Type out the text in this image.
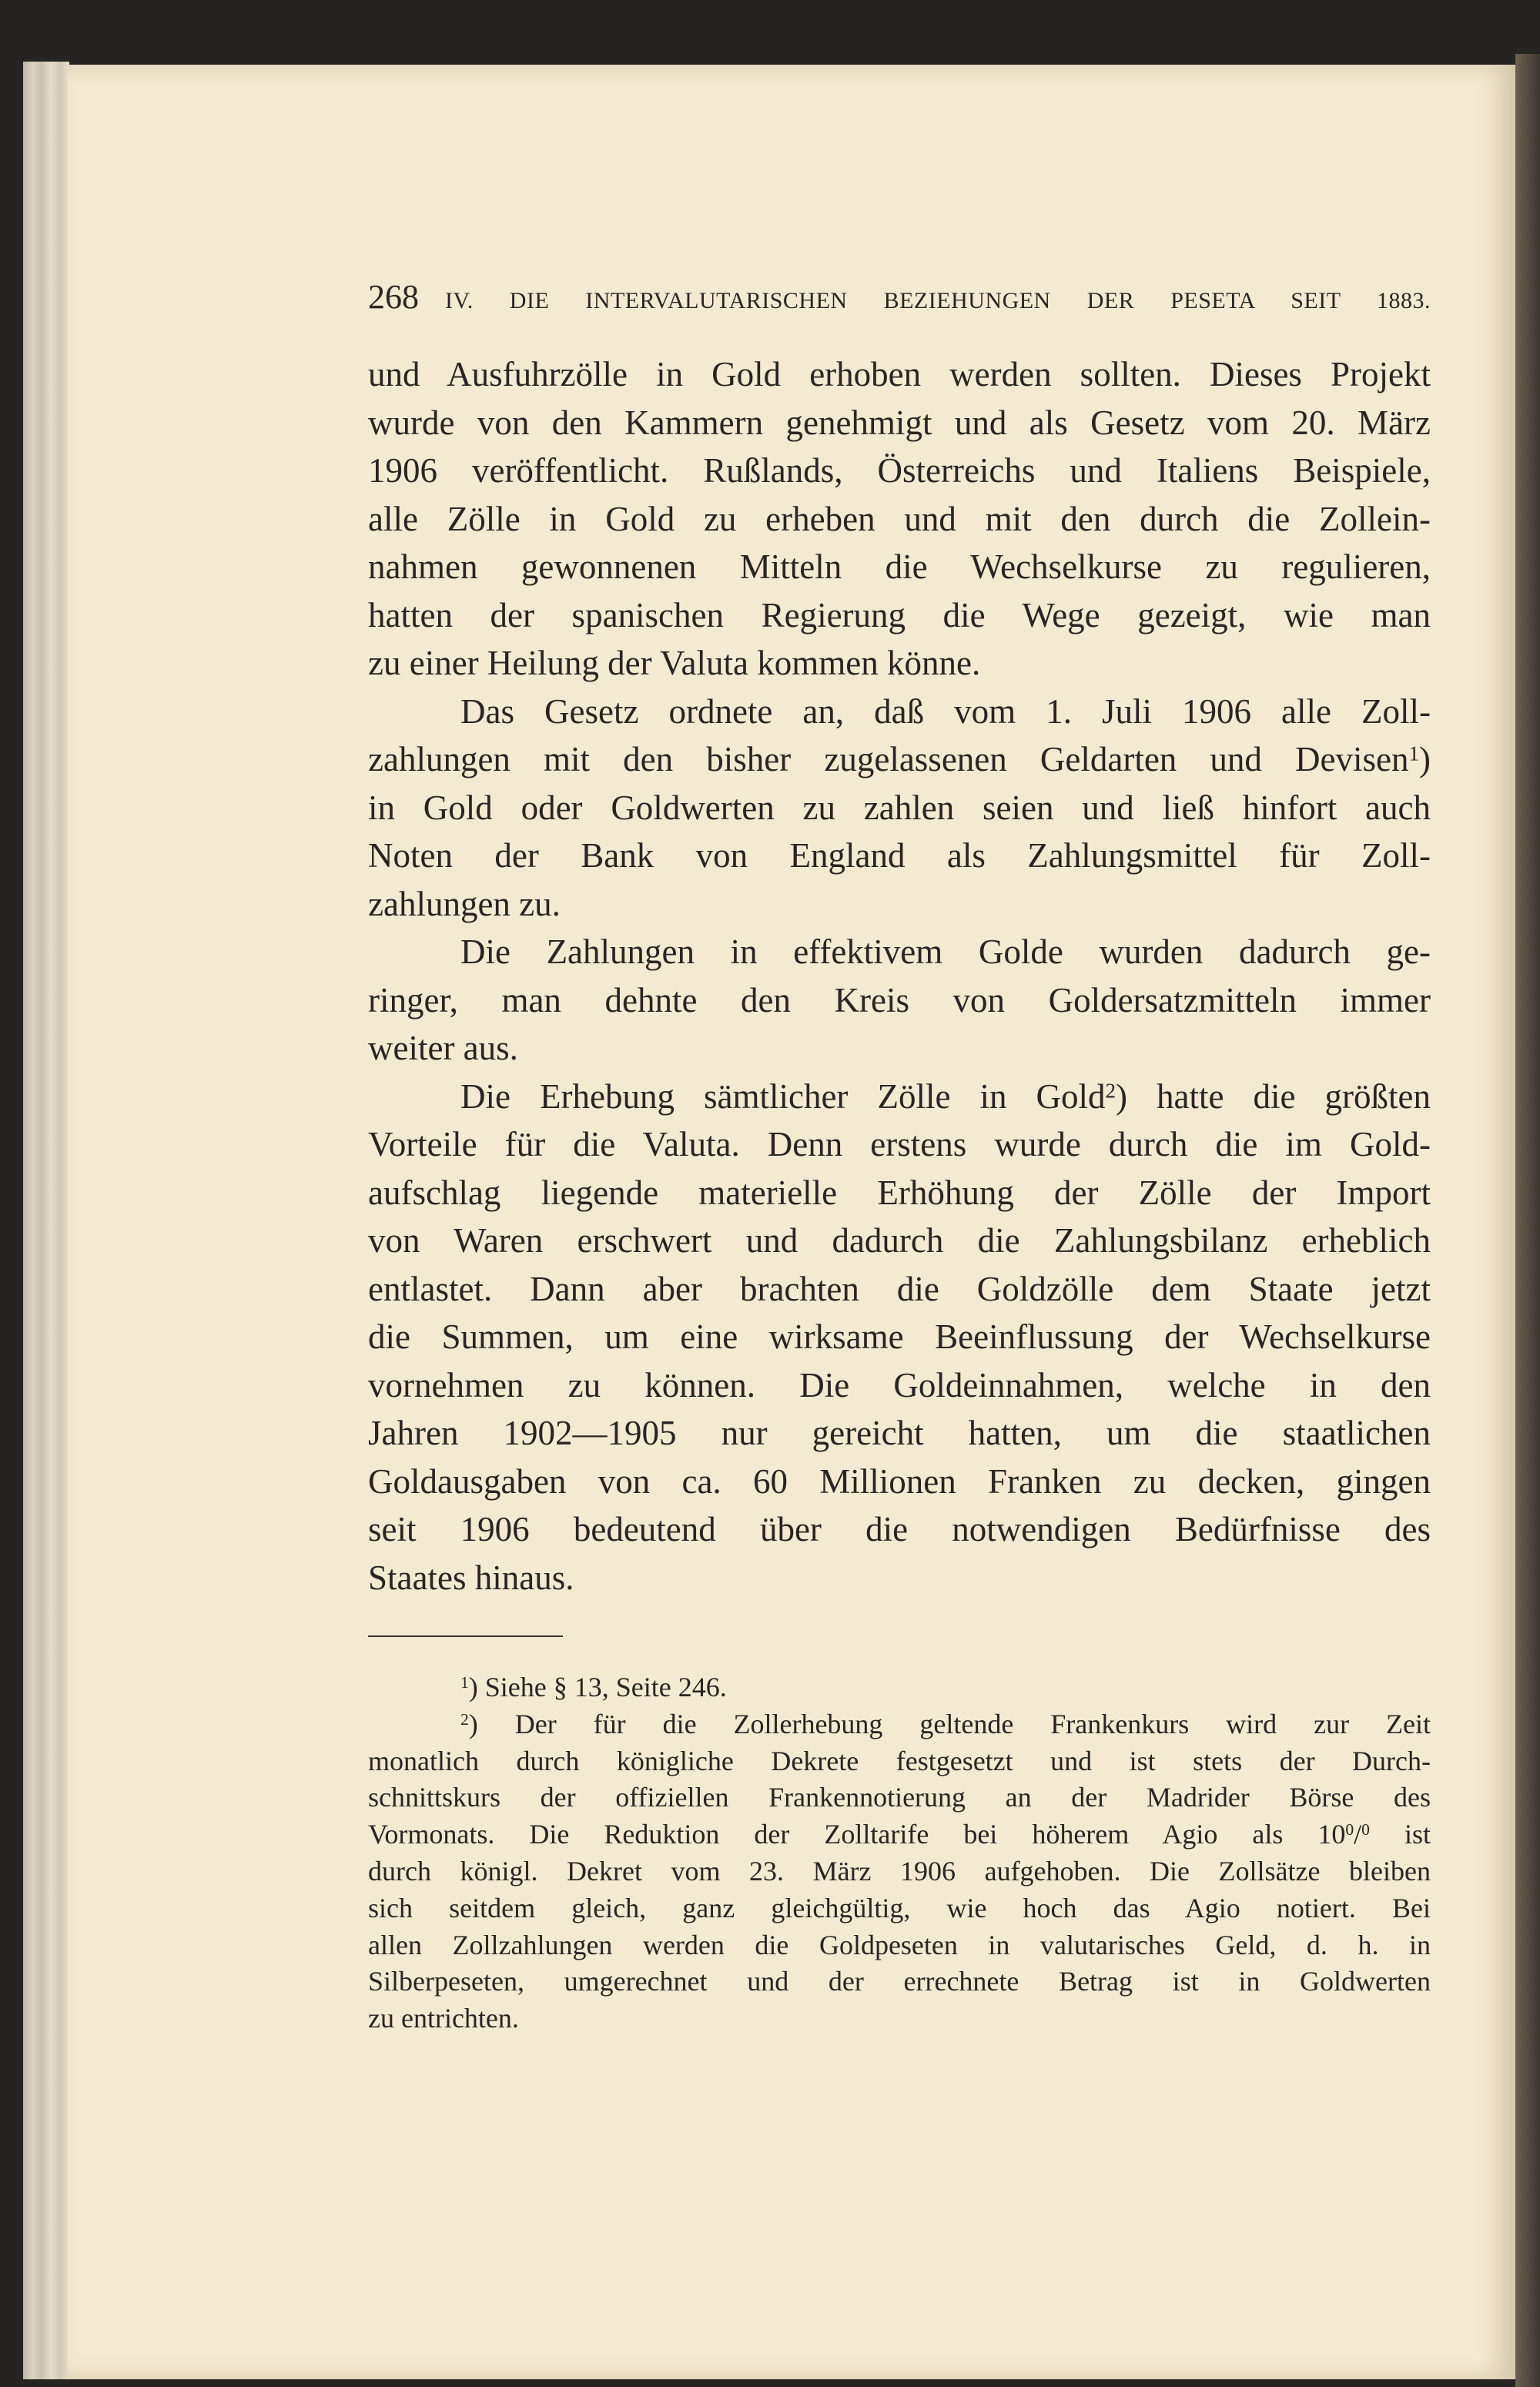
268 IV. DIE INTERVALUTARISCHEN BEZIEHUNGEN DER PESETA SEIT 1883.
und Ausfuhrzölle in Gold erhoben werden sollten. Dieses Projekt
wurde von den Kammern genehmigt und als Gesetz vom 20. März
1906 veröffentlicht. Rußlands, Österreichs und Italiens Beispiele,
alle Zölle in Gold zu erheben und mit den durch die Zollein-
nahmen gewonnenen Mitteln die Wechselkurse zu regulieren,
hatten der spanischen Regierung die Wege gezeigt, wie man
zu einer Heilung der Valuta kommen könne.
Das Gesetz ordnete an, daß vom 1. Juli 1906 alle Zoll-
zahlungen mit den bisher zugelassenen Geldarten und Devisen$^1$)
in Gold oder Goldwerten zu zahlen seien und ließ hinfort auch
Noten der Bank von England als Zahlungsmittel für Zoll-
zahlungen zu.
Die Zahlungen in effektivem Golde wurden dadurch ge-
ringer, man dehnte den Kreis von Goldersatzmitteln immer
weiter aus.
Die Erhebung sämtlicher Zölle in Gold$^2$) hatte die größten
Vorteile für die Valuta. Denn erstens wurde durch die im Gold-
aufschlag liegende materielle Erhöhung der Zölle der Import
von Waren erschwert und dadurch die Zahlungsbilanz erheblich
entlastet. Dann aber brachten die Goldzölle dem Staate jetzt
die Summen, um eine wirksame Beeinflussung der Wechselkurse
vornehmen zu können. Die Goldeinnahmen, welche in den
Jahren 1902—1905 nur gereicht hatten, um die staatlichen
Goldausgaben von ca. 60 Millionen Franken zu decken, gingen
seit 1906 bedeutend über die notwendigen Bedürfnisse des
Staates hinaus.
$^1$) Siehe § 13, Seite 246.
$^2$) Der für die Zollerhebung geltende Frankenkurs wird zur Zeit
monatlich durch königliche Dekrete festgesetzt und ist stets der Durch-
schnittskurs der offiziellen Frankennotierung an der Madrider Börse des
Vormonats. Die Reduktion der Zolltarife bei höherem Agio als $10^0/^0$ ist
durch königl. Dekret vom 23. März 1906 aufgehoben. Die Zollsätze bleiben
sich seitdem gleich, ganz gleichgültig, wie hoch das Agio notiert. Bei
allen Zollzahlungen werden die Goldpeseten in valutarisches Geld, d. h. in
Silberpeseten, umgerechnet und der errechnete Betrag ist in Goldwerten
zu entrichten.
